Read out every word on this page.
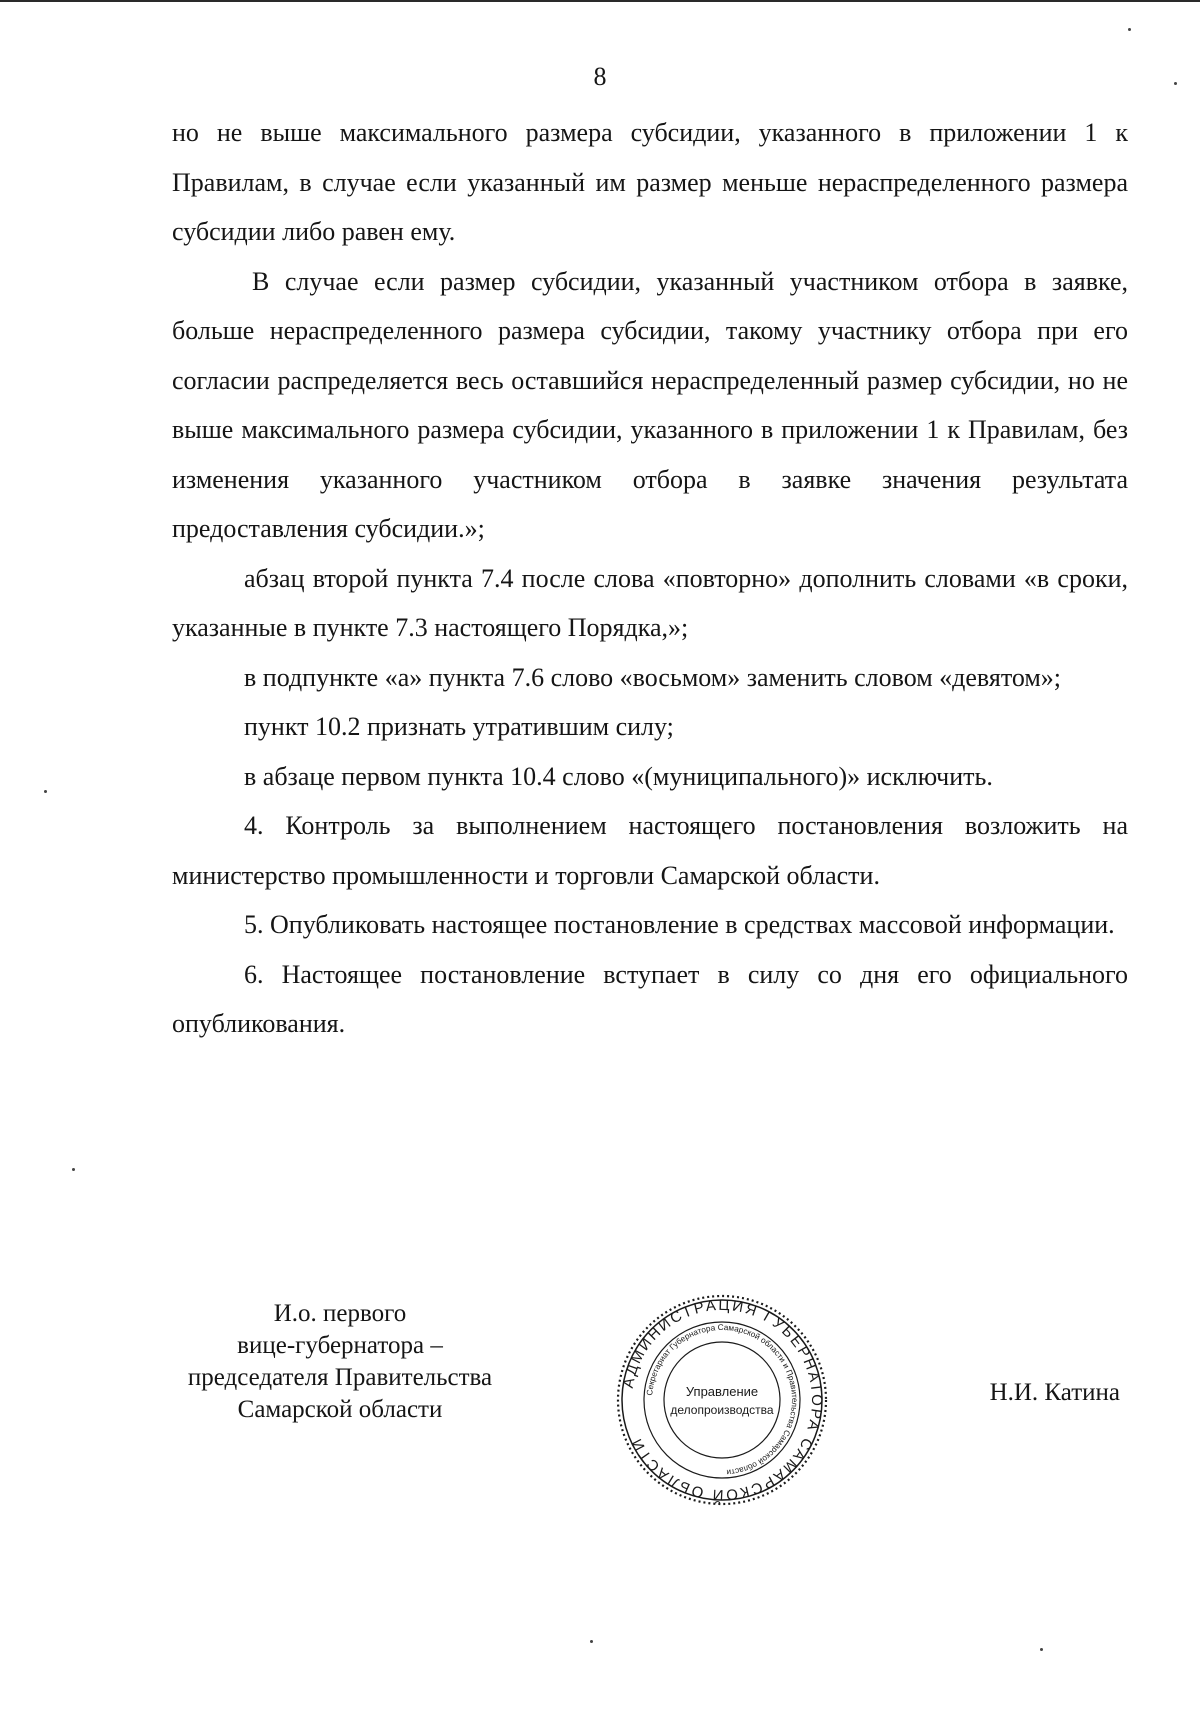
8

но не выше максимального размера субсидии, указанного в приложении 1 к Правилам, в случае если указанный им размер меньше нераспределенного размера субсидии либо равен ему.

В случае если размер субсидии, указанный участником отбора в заявке, больше нераспределенного размера субсидии, такому участнику отбора при его согласии распределяется весь оставшийся нераспределенный размер субсидии, но не выше максимального размера субсидии, указанного в приложении 1 к Правилам, без изменения указанного участником отбора в заявке значения результата предоставления субсидии.»;

абзац второй пункта 7.4 после слова «повторно» дополнить словами «в сроки, указанные в пункте 7.3 настоящего Порядка,»;

в подпункте «а» пункта 7.6 слово «восьмом» заменить словом «девятом»;

пункт 10.2 признать утратившим силу;

в абзаце первом пункта 10.4 слово «(муниципального)» исключить.

4. Контроль за выполнением настоящего постановления возложить на министерство промышленности и торговли Самарской области.

5. Опубликовать настоящее постановление в средствах массовой информации.

6. Настоящее постановление вступает в силу со дня его официального опубликования.

И.о. первого
вице-губернатора –
председателя Правительства
Самарской области
АДМИНИСТРАЦИЯ ГУБЕРНАТОРА САМАРСКОЙ ОБЛАСТИ
Секретариат Губернатора Самарской области и Правительства Самарской области
Управление
делопроизводства
Н.И. Катина
